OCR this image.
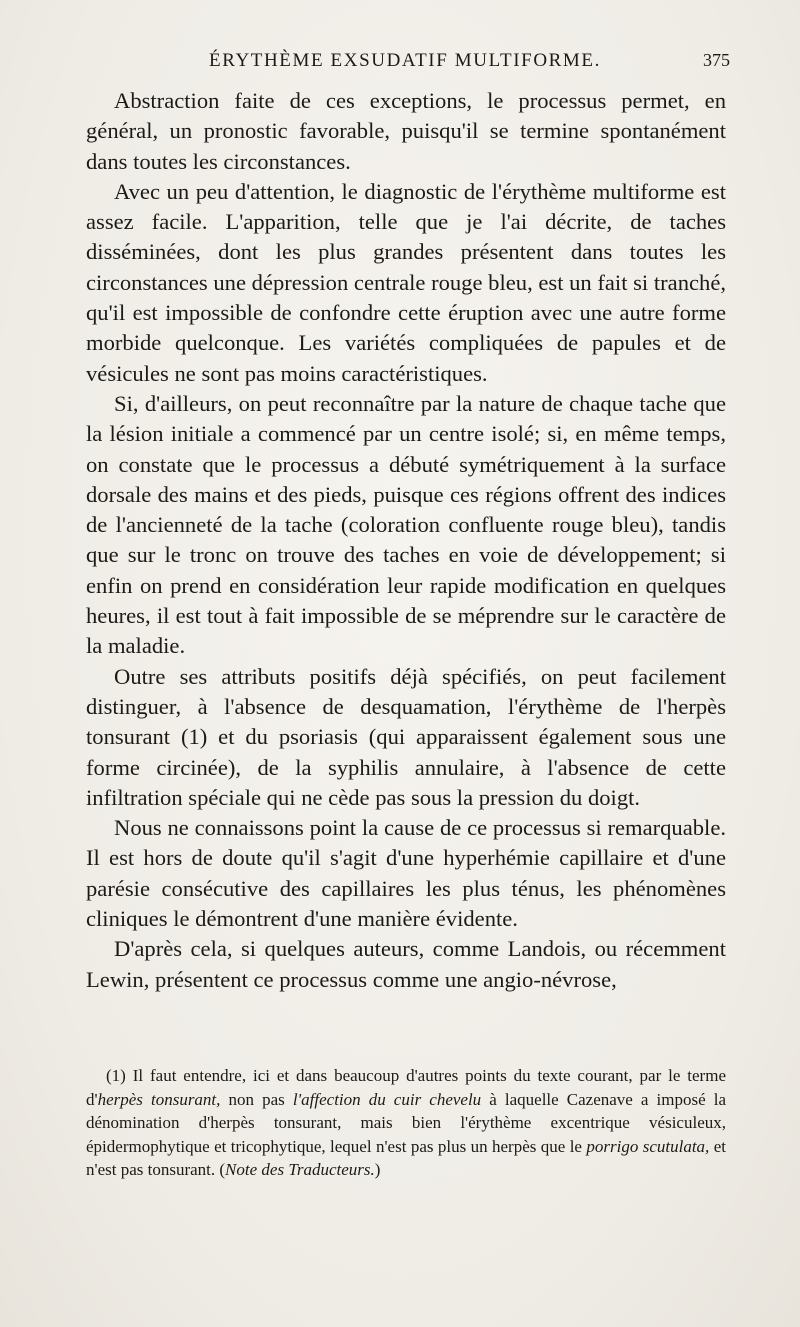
ÉRYTHÈME EXSUDATIF MULTIFORME.	375

Abstraction faite de ces exceptions, le processus permet, en général, un pronostic favorable, puisqu'il se termine spontanément dans toutes les circonstances.

Avec un peu d'attention, le diagnostic de l'érythème multiforme est assez facile. L'apparition, telle que je l'ai décrite, de taches disséminées, dont les plus grandes présentent dans toutes les circonstances une dépression centrale rouge bleu, est un fait si tranché, qu'il est impossible de confondre cette éruption avec une autre forme morbide quelconque. Les variétés compliquées de papules et de vésicules ne sont pas moins caractéristiques.

Si, d'ailleurs, on peut reconnaître par la nature de chaque tache que la lésion initiale a commencé par un centre isolé; si, en même temps, on constate que le processus a débuté symétriquement à la surface dorsale des mains et des pieds, puisque ces régions offrent des indices de l'ancienneté de la tache (coloration confluente rouge bleu), tandis que sur le tronc on trouve des taches en voie de développement; si enfin on prend en considération leur rapide modification en quelques heures, il est tout à fait impossible de se méprendre sur le caractère de la maladie.

Outre ses attributs positifs déjà spécifiés, on peut facilement distinguer, à l'absence de desquamation, l'érythème de l'herpès tonsurant (1) et du psoriasis (qui apparaissent également sous une forme circinée), de la syphilis annulaire, à l'absence de cette infiltration spéciale qui ne cède pas sous la pression du doigt.

Nous ne connaissons point la cause de ce processus si remarquable. Il est hors de doute qu'il s'agit d'une hyperhémie capillaire et d'une parésie consécutive des capillaires les plus ténus, les phénomènes cliniques le démontrent d'une manière évidente.

D'après cela, si quelques auteurs, comme Landois, ou récemment Lewin, présentent ce processus comme une angio-névrose,

(1) Il faut entendre, ici et dans beaucoup d'autres points du texte courant, par le terme d'herpès tonsurant, non pas l'affection du cuir chevelu à laquelle Cazenave a imposé la dénomination d'herpès tonsurant, mais bien l'érythème excentrique vésiculeux, épidermophytique et tricophytique, lequel n'est pas plus un herpès que le porrigo scutulata, et n'est pas tonsurant. (Note des Traducteurs.)
